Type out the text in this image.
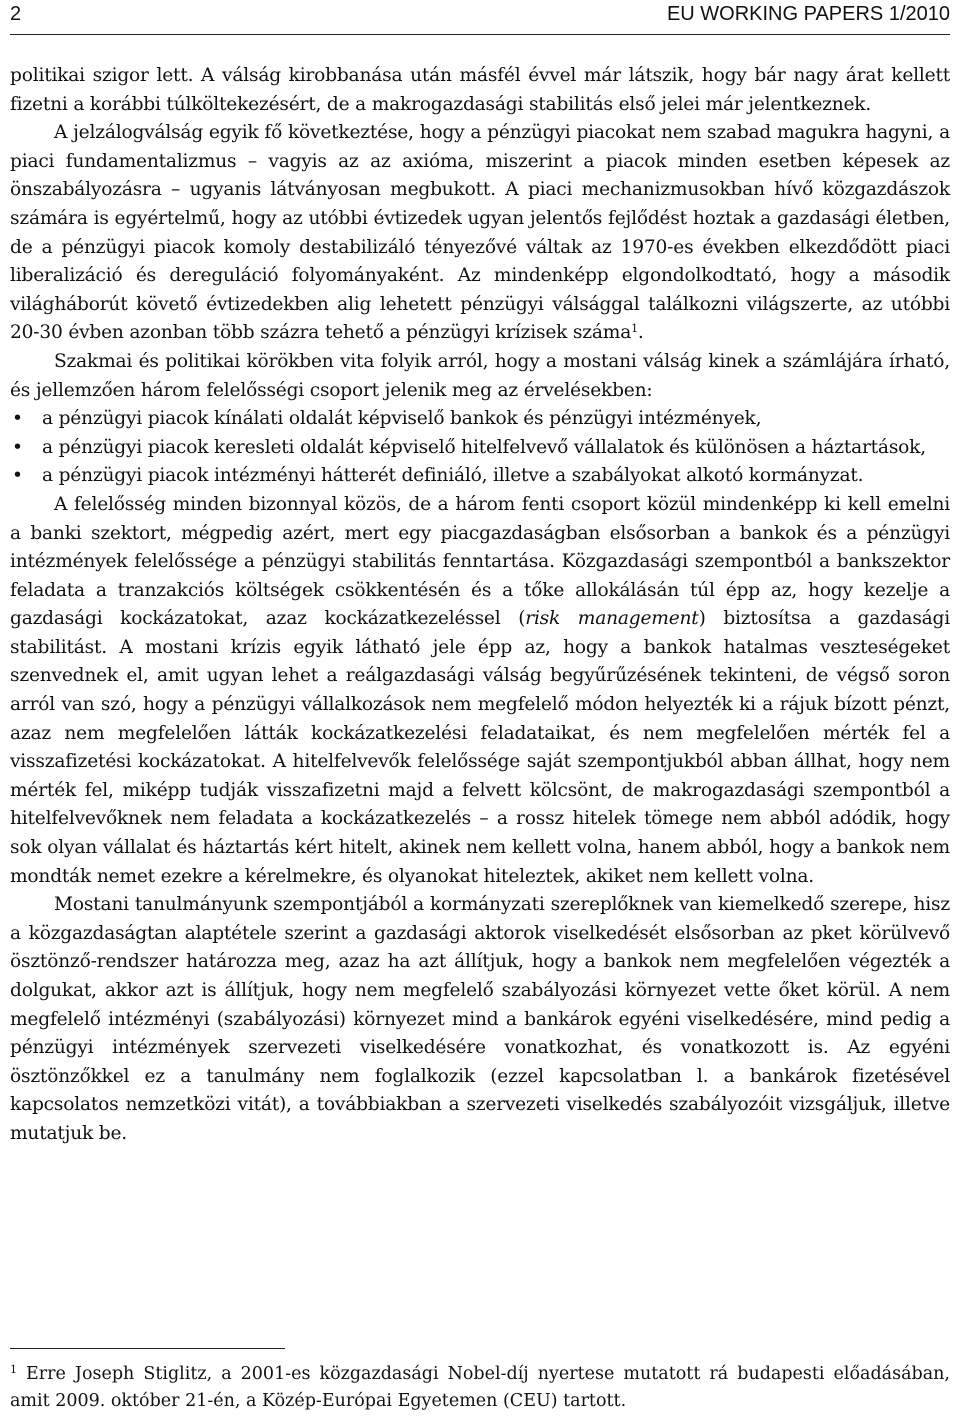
2	EU WORKING PAPERS 1/2010

politikai szigor lett. A válság kirobbanása után másfél évvel már látszik, hogy bár nagy árat kellett fizetni a korábbi túlköltekezésért, de a makrogazdasági stabilitás első jelei már jelentkeznek.

A jelzálogválság egyik fő következtése, hogy a pénzügyi piacokat nem szabad magukra hagyni, a piaci fundamentalizmus – vagyis az az axióma, miszerint a piacok minden esetben képesek az önszabályozásra – ugyanis látványosan megbukott. A piaci mechanizmusokban hívő közgazdászok számára is egyértelmű, hogy az utóbbi évtizedek ugyan jelentős fejlődést hoztak a gazdasági életben, de a pénzügyi piacok komoly destabilizáló tényezővé váltak az 1970-es években elkezdődött piaci liberalizáció és dereguláció folyományaként. Az mindenképp elgondolkodtató, hogy a második világháborút követő évtizedekben alig lehetett pénzügyi válsággal találkozni világszerte, az utóbbi 20-30 évben azonban több százra tehető a pénzügyi krízisek száma$^1$.

Szakmai és politikai körökben vita folyik arról, hogy a mostani válság kinek a számlájára írható, és jellemzően három felelősségi csoport jelenik meg az érvelésekben:

• a pénzügyi piacok kínálati oldalát képviselő bankok és pénzügyi intézmények,
• a pénzügyi piacok keresleti oldalát képviselő hitelfelvevő vállalatok és különösen a háztartások,
• a pénzügyi piacok intézményi hátterét definiáló, illetve a szabályokat alkotó kormányzat.

A felelősség minden bizonnyal közös, de a három fenti csoport közül mindenképp ki kell emelni a banki szektort, mégpedig azért, mert egy piacgazdaságban elsősorban a bankok és a pénzügyi intézmények felelőssége a pénzügyi stabilitás fenntartása. Közgazdasági szempontból a bankszektor feladata a tranzakciós költségek csökkentésén és a tőke allokálásán túl épp az, hogy kezelje a gazdasági kockázatokat, azaz kockázatkezeléssel (risk management) biztosítsa a gazdasági stabilitást. A mostani krízis egyik látható jele épp az, hogy a bankok hatalmas veszteségeket szenvednek el, amit ugyan lehet a reálgazdasági válság begyűrűzésének tekinteni, de végső soron arról van szó, hogy a pénzügyi vállalkozások nem megfelelő módon helyezték ki a rájuk bízott pénzt, azaz nem megfelelően látták kockázatkezelési feladataikat, és nem megfelelően mérték fel a visszafizetési kockázatokat. A hitelfelvevők felelőssége saját szempontjukból abban állhat, hogy nem mérték fel, miképp tudják visszafizetni majd a felvett kölcsönt, de makrogazdasági szempontból a hitelfelvevőknek nem feladata a kockázatkezelés – a rossz hitelek tömege nem abból adódik, hogy sok olyan vállalat és háztartás kért hitelt, akinek nem kellett volna, hanem abból, hogy a bankok nem mondták nemet ezekre a kérelmekre, és olyanokat hiteleztek, akiket nem kellett volna.

Mostani tanulmányunk szempontjából a kormányzati szereplőknek van kiemelkedő szerepe, hisz a közgazdaságtan alaptétele szerint a gazdasági aktorok viselkedését elsősorban az pket körülvevő ösztönző-rendszer határozza meg, azaz ha azt állítjuk, hogy a bankok nem megfelelően végezték a dolgukat, akkor azt is állítjuk, hogy nem megfelelő szabályozási környezet vette őket körül. A nem megfelelő intézményi (szabályozási) környezet mind a bankárok egyéni viselkedésére, mind pedig a pénzügyi intézmények szervezeti viselkedésére vonatkozhat, és vonatkozott is. Az egyéni ösztönzőkkel ez a tanulmány nem foglalkozik (ezzel kapcsolatban l. a bankárok fizetésével kapcsolatos nemzetközi vitát), a továbbiakban a szervezeti viselkedés szabályozóit vizsgáljuk, illetve mutatjuk be.

$^1$ Erre Joseph Stiglitz, a 2001-es közgazdasági Nobel-díj nyertese mutatott rá budapesti előadásában, amit 2009. október 21-én, a Közép-Európai Egyetemen (CEU) tartott.
